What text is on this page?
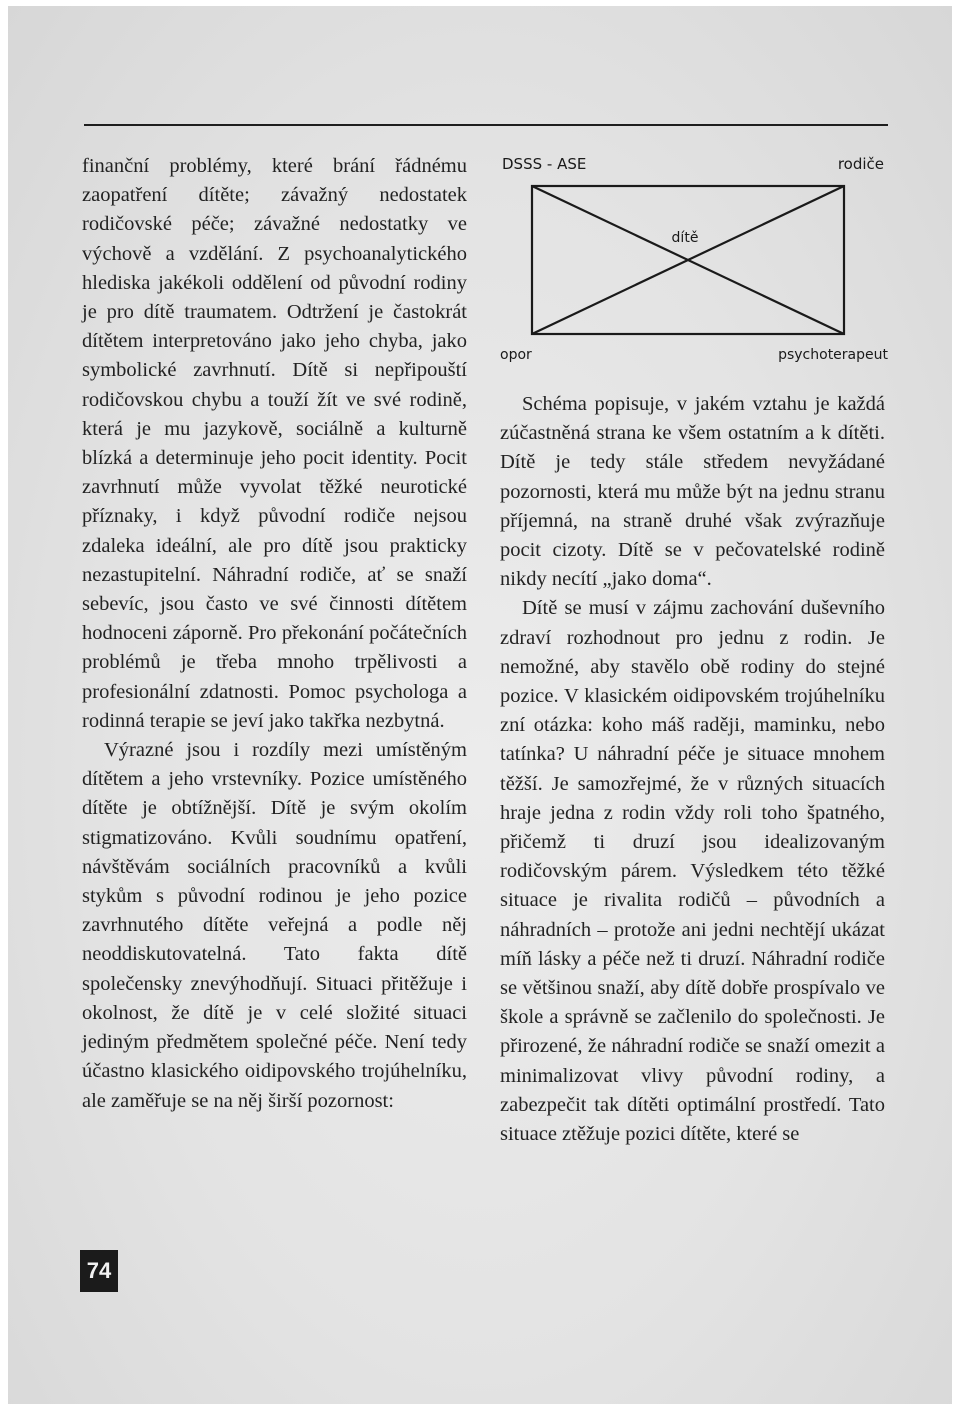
finanční problémy, které brání řádnému zaopatření dítěte; závažný nedostatek rodičovské péče; závažné nedostatky ve výchově a vzdělání. Z psychoanalytického hlediska jakékoli oddělení od původní rodiny je pro dítě traumatem. Odtržení je častokrát dítětem interpretováno jako jeho chyba, jako symbolické zavrhnutí. Dítě si nepřipouští rodičovskou chybu a touží žít ve své rodině, která je mu jazykově, sociálně a kulturně blízká a determinuje jeho pocit identity. Pocit zavrhnutí může vyvolat těžké neurotické příznaky, i když původní rodiče nejsou zdaleka ideální, ale pro dítě jsou prakticky nezastupitelní. Náhradní rodiče, ať se snaží sebevíc, jsou často ve své činnosti dítětem hodnoceni záporně. Pro překonání počátečních problémů je třeba mnoho trpělivosti a profesionální zdatnosti. Pomoc psychologa a rodinná terapie se jeví jako takřka nezbytná.

Výrazné jsou i rozdíly mezi umístěným dítětem a jeho vrstevníky. Pozice umístěného dítěte je obtížnější. Dítě je svým okolím stigmatizováno. Kvůli soudnímu opatření, návštěvám sociálních pracovníků a kvůli stykům s původní rodinou je jeho pozice zavrhnutého dítěte veřejná a podle něj neoddiskutovatelná. Tato fakta dítě společensky znevýhodňují. Situaci přitěžuje i okolnost, že dítě je v celé složité situaci jediným předmětem společné péče. Není tedy účastno klasického oidipovského trojúhelníku, ale zaměřuje se na něj širší pozornost:

DSSS - ASE	rodiče
dítě
opor	psychoterapeut

Schéma popisuje, v jakém vztahu je každá zúčastněná strana ke všem ostatním a k dítěti. Dítě je tedy stále středem nevyžádané pozornosti, která mu může být na jednu stranu příjemná, na straně druhé však zvýrazňuje pocit cizoty. Dítě se v pečovatelské rodině nikdy necítí „jako doma“.

Dítě se musí v zájmu zachování duševního zdraví rozhodnout pro jednu z rodin. Je nemožné, aby stavělo obě rodiny do stejné pozice. V klasickém oidipovském trojúhelníku zní otázka: koho máš raději, maminku, nebo tatínka? U náhradní péče je situace mnohem těžší. Je samozřejmé, že v různých situacích hraje jedna z rodin vždy roli toho špatného, přičemž ti druzí jsou idealizovaným rodičovským párem. Výsledkem této těžké situace je rivalita rodičů – původních a náhradních – protože ani jedni nechtějí ukázat míň lásky a péče než ti druzí. Náhradní rodiče se většinou snaží, aby dítě dobře prospívalo ve škole a správně se začlenilo do společnosti. Je přirozené, že náhradní rodiče se snaží omezit a minimalizovat vlivy původní rodiny, a zabezpečit tak dítěti optimální prostředí. Tato situace ztěžuje pozici dítěte, které se

74
